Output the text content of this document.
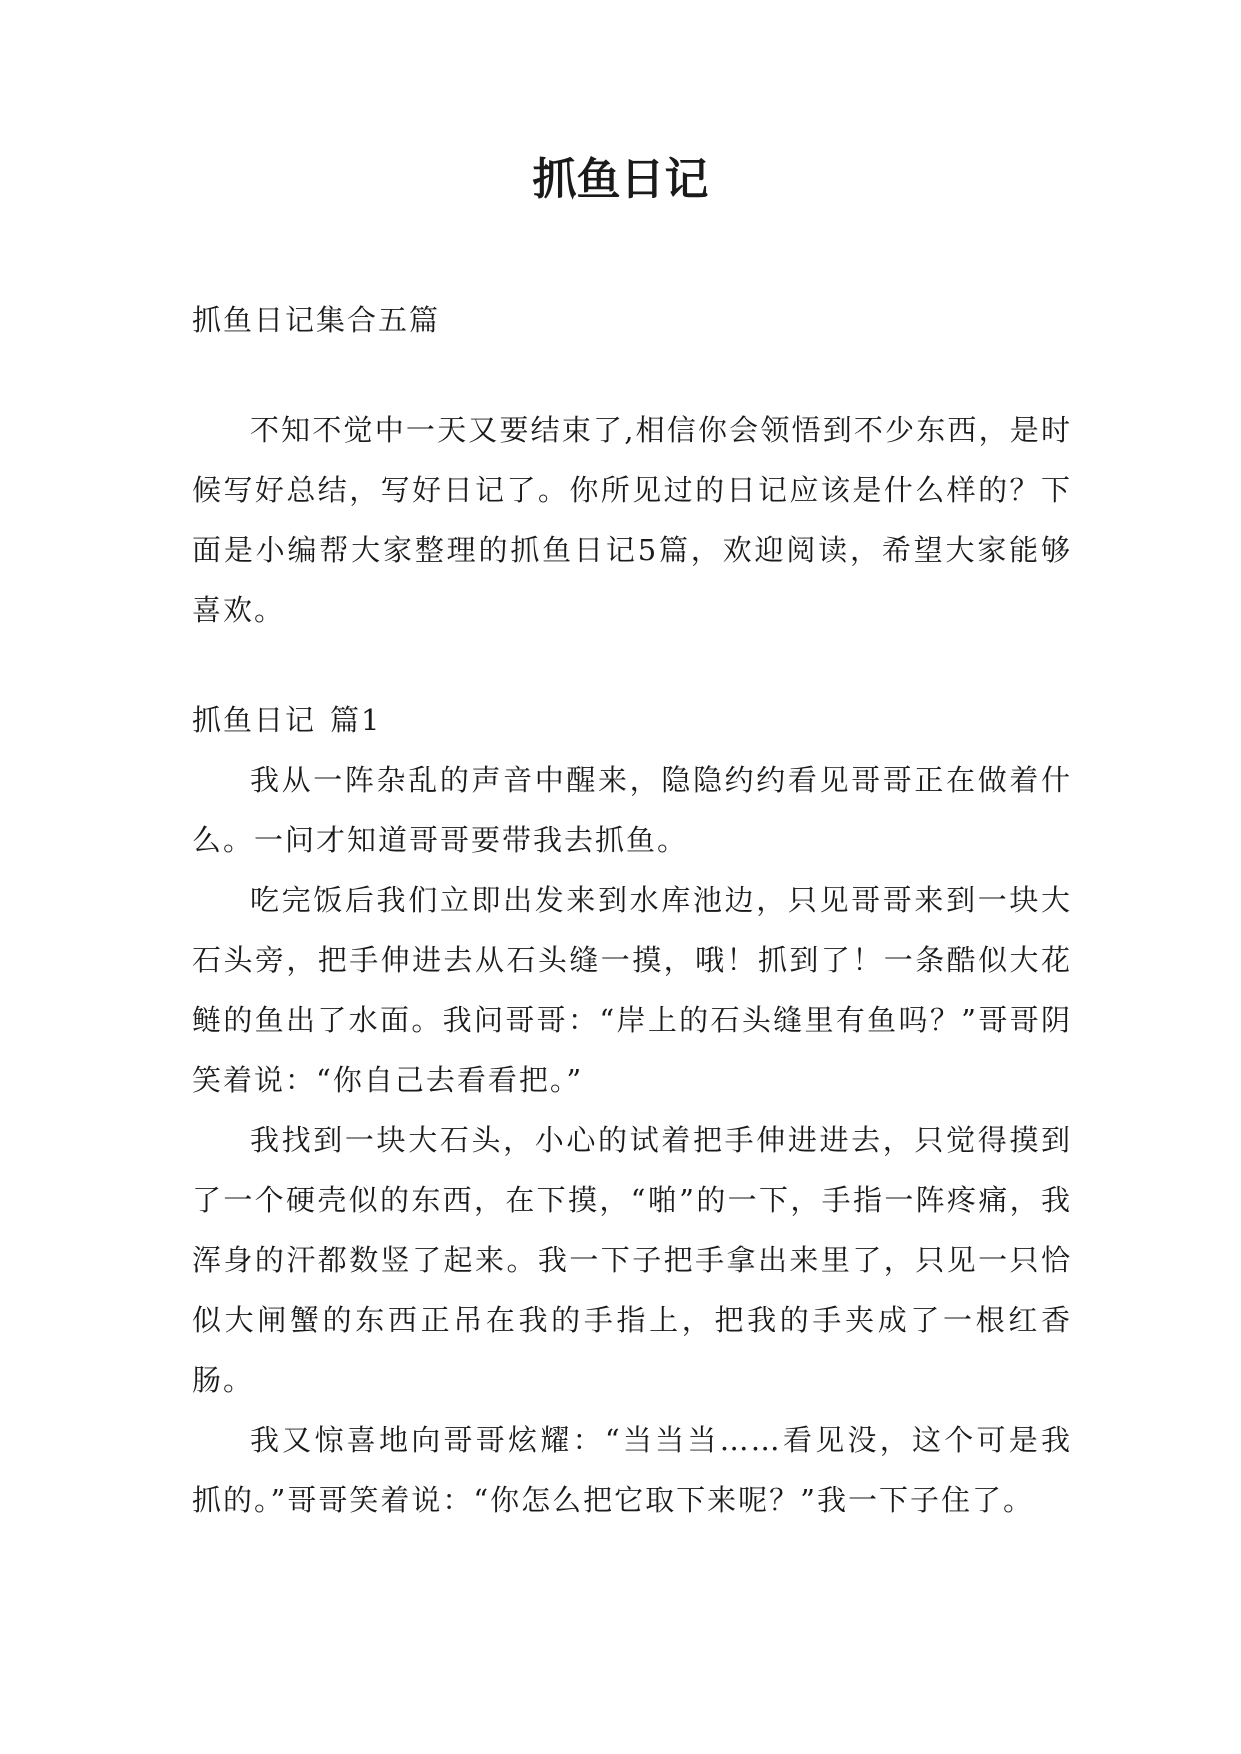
抓鱼日记

抓鱼日记集合五篇

不知不觉中一天又要结束了,相信你会领悟到不少东西，是时候写好总结，写好日记了。你所见过的日记应该是什么样的？下面是小编帮大家整理的抓鱼日记5篇，欢迎阅读，希望大家能够喜欢。

抓鱼日记 篇1

我从一阵杂乱的声音中醒来，隐隐约约看见哥哥正在做着什么。一问才知道哥哥要带我去抓鱼。

吃完饭后我们立即出发来到水库池边，只见哥哥来到一块大石头旁，把手伸进去从石头缝一摸，哦！抓到了！一条酷似大花鲢的鱼出了水面。我问哥哥：“岸上的石头缝里有鱼吗？”哥哥阴笑着说：“你自己去看看把。”

我找到一块大石头，小心的试着把手伸进进去，只觉得摸到了一个硬壳似的东西，在下摸，“啪”的一下，手指一阵疼痛，我浑身的汗都数竖了起来。我一下子把手拿出来里了，只见一只恰似大闸蟹的东西正吊在我的手指上，把我的手夹成了一根红香肠。

我又惊喜地向哥哥炫耀：“当当当……看见没，这个可是我抓的。”哥哥笑着说：“你怎么把它取下来呢？”我一下子住了。
